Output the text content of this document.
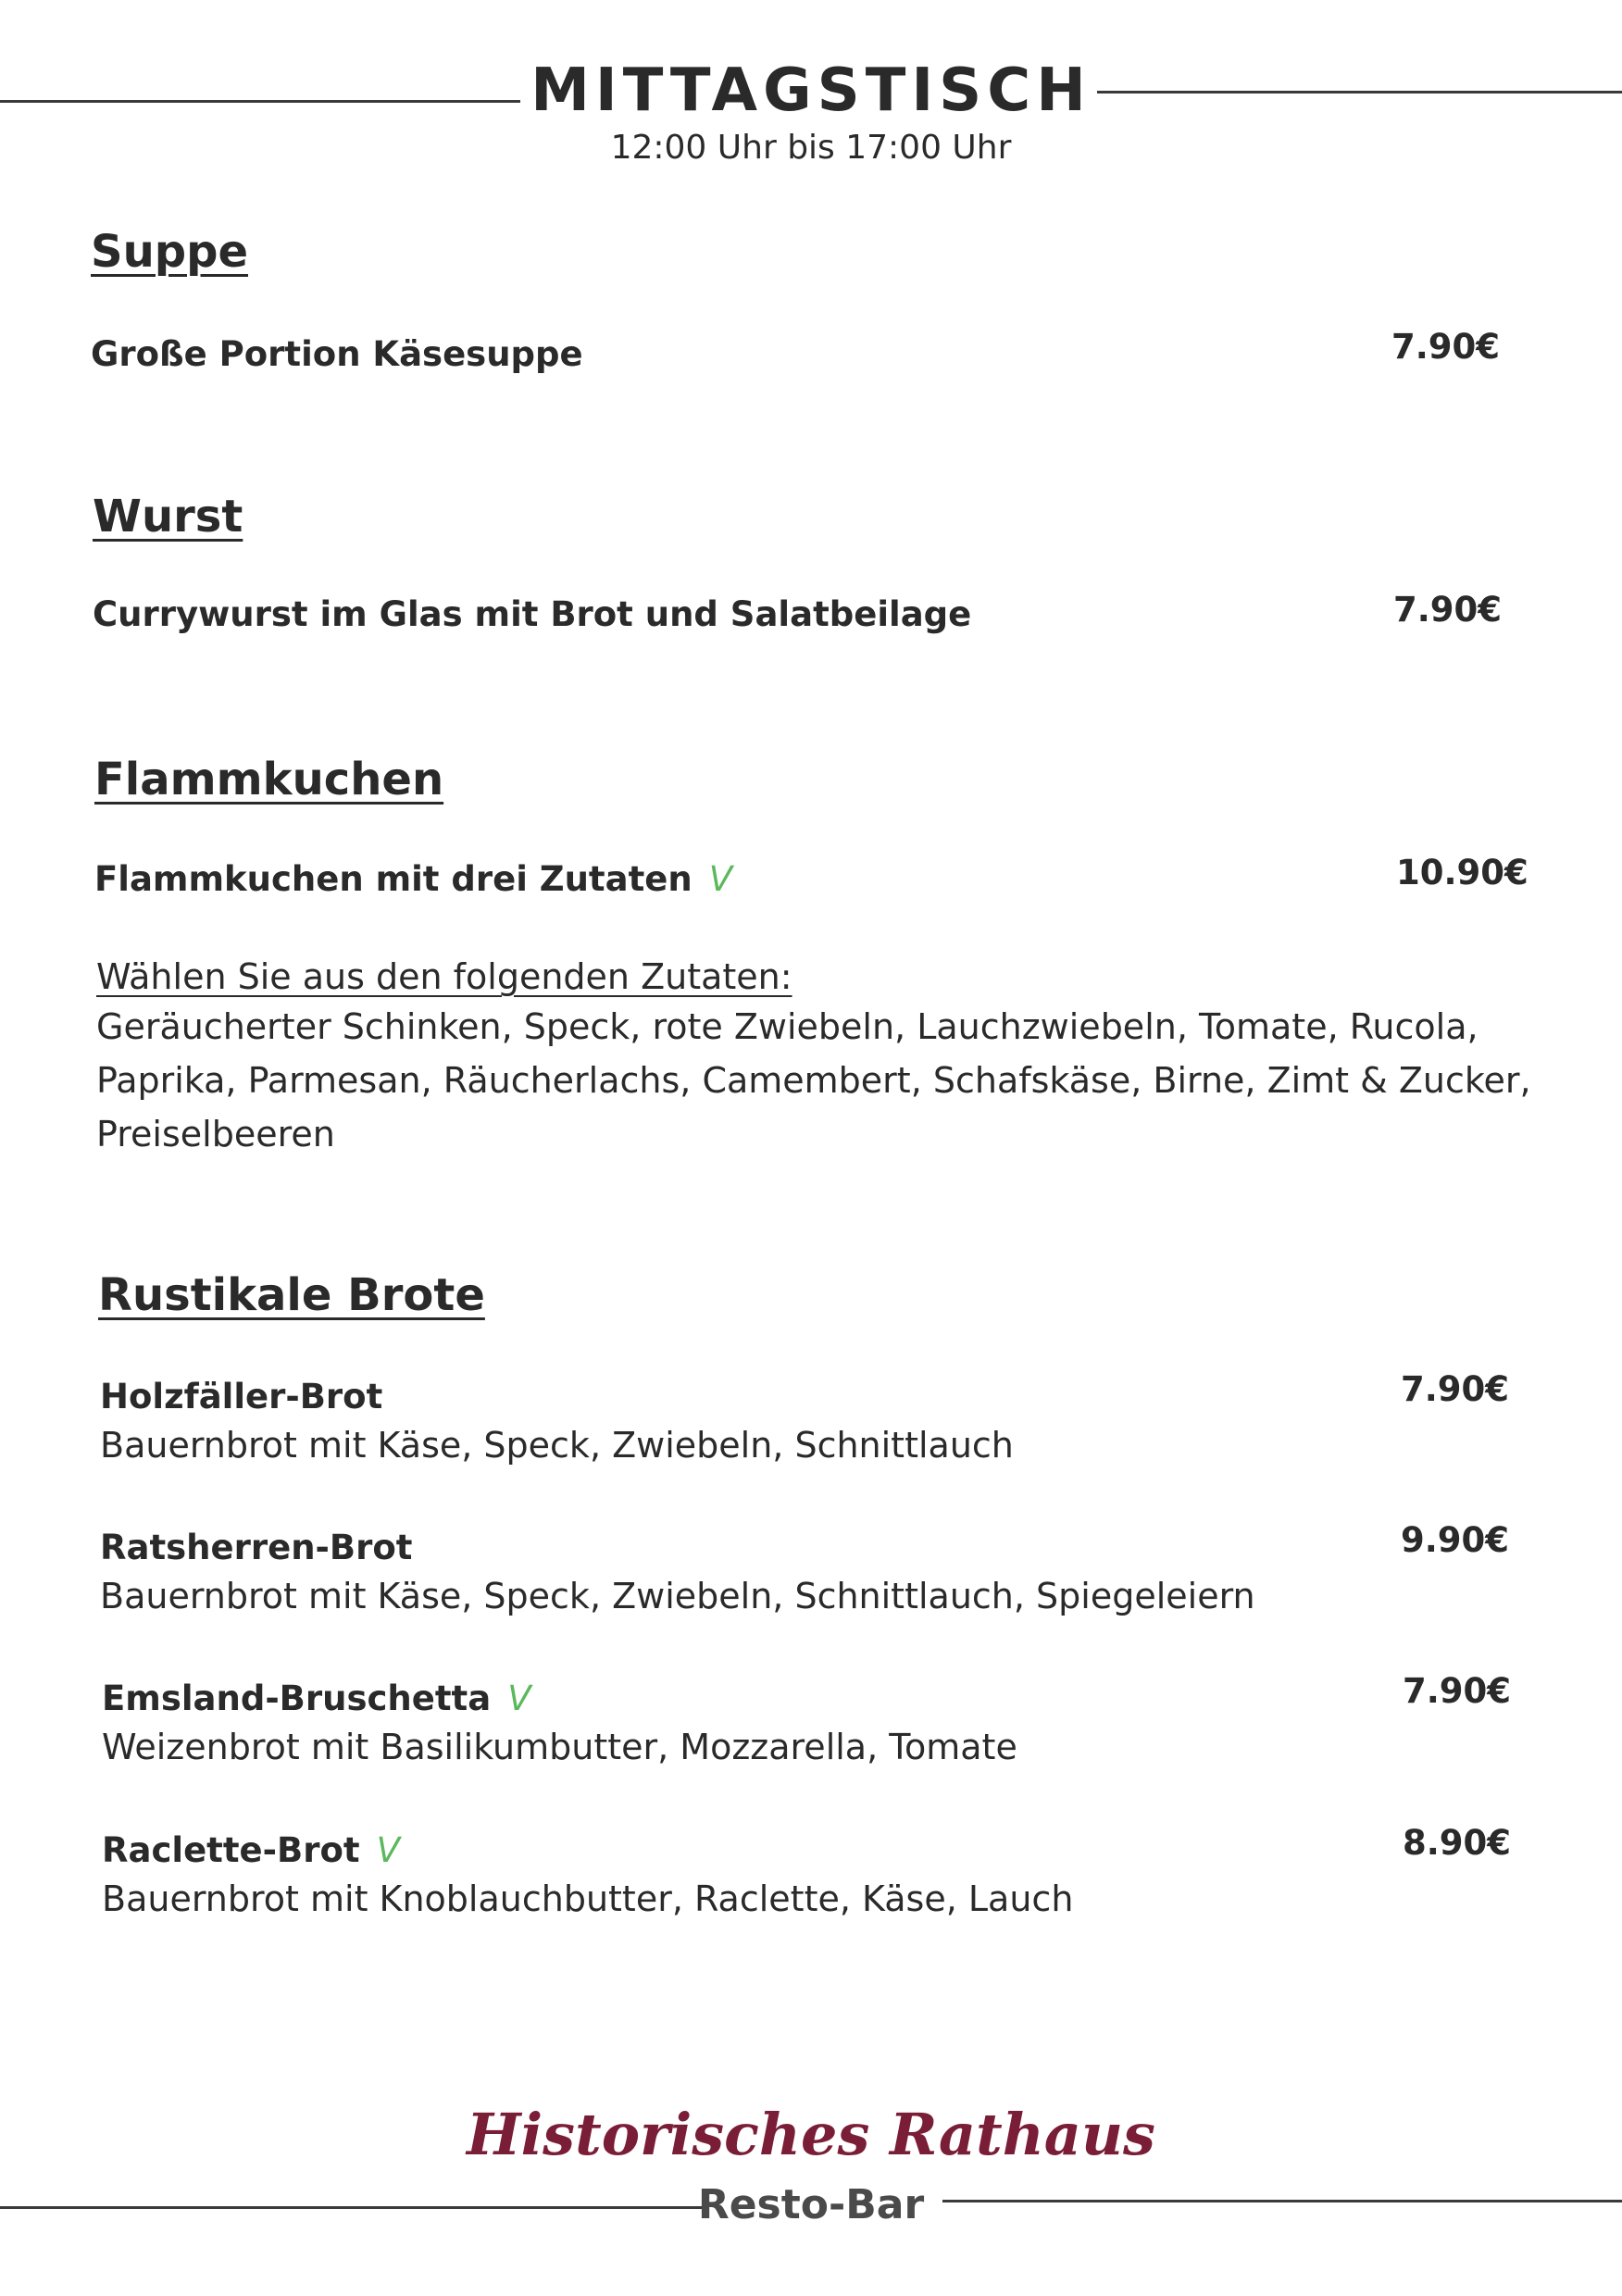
MITTAGSTISCH
12:00 Uhr bis 17:00 Uhr
Suppe
Große Portion Käsesuppe	7.90€
Wurst
Currywurst im Glas mit Brot und Salatbeilage	7.90€
Flammkuchen
Flammkuchen mit drei Zutaten V	10.90€
Wählen Sie aus den folgenden Zutaten:
Geräucherter Schinken, Speck, rote Zwiebeln, Lauchzwiebeln, Tomate, Rucola, Paprika, Parmesan, Räucherlachs, Camembert, Schafskäse, Birne, Zimt & Zucker, Preiselbeeren
Rustikale Brote
Holzfäller-Brot
Bauernbrot mit Käse, Speck, Zwiebeln, Schnittlauch
7.90€
Ratsherren-Brot
Bauernbrot mit Käse, Speck, Zwiebeln, Schnittlauch, Spiegeleiern
9.90€
Emsland-Bruschetta V
Weizenbrot mit Basilikumbutter, Mozzarella, Tomate
7.90€
Raclette-Brot V
Bauernbrot mit Knoblauchbutter, Raclette, Käse, Lauch
8.90€
Historisches Rathaus
Resto-Bar
